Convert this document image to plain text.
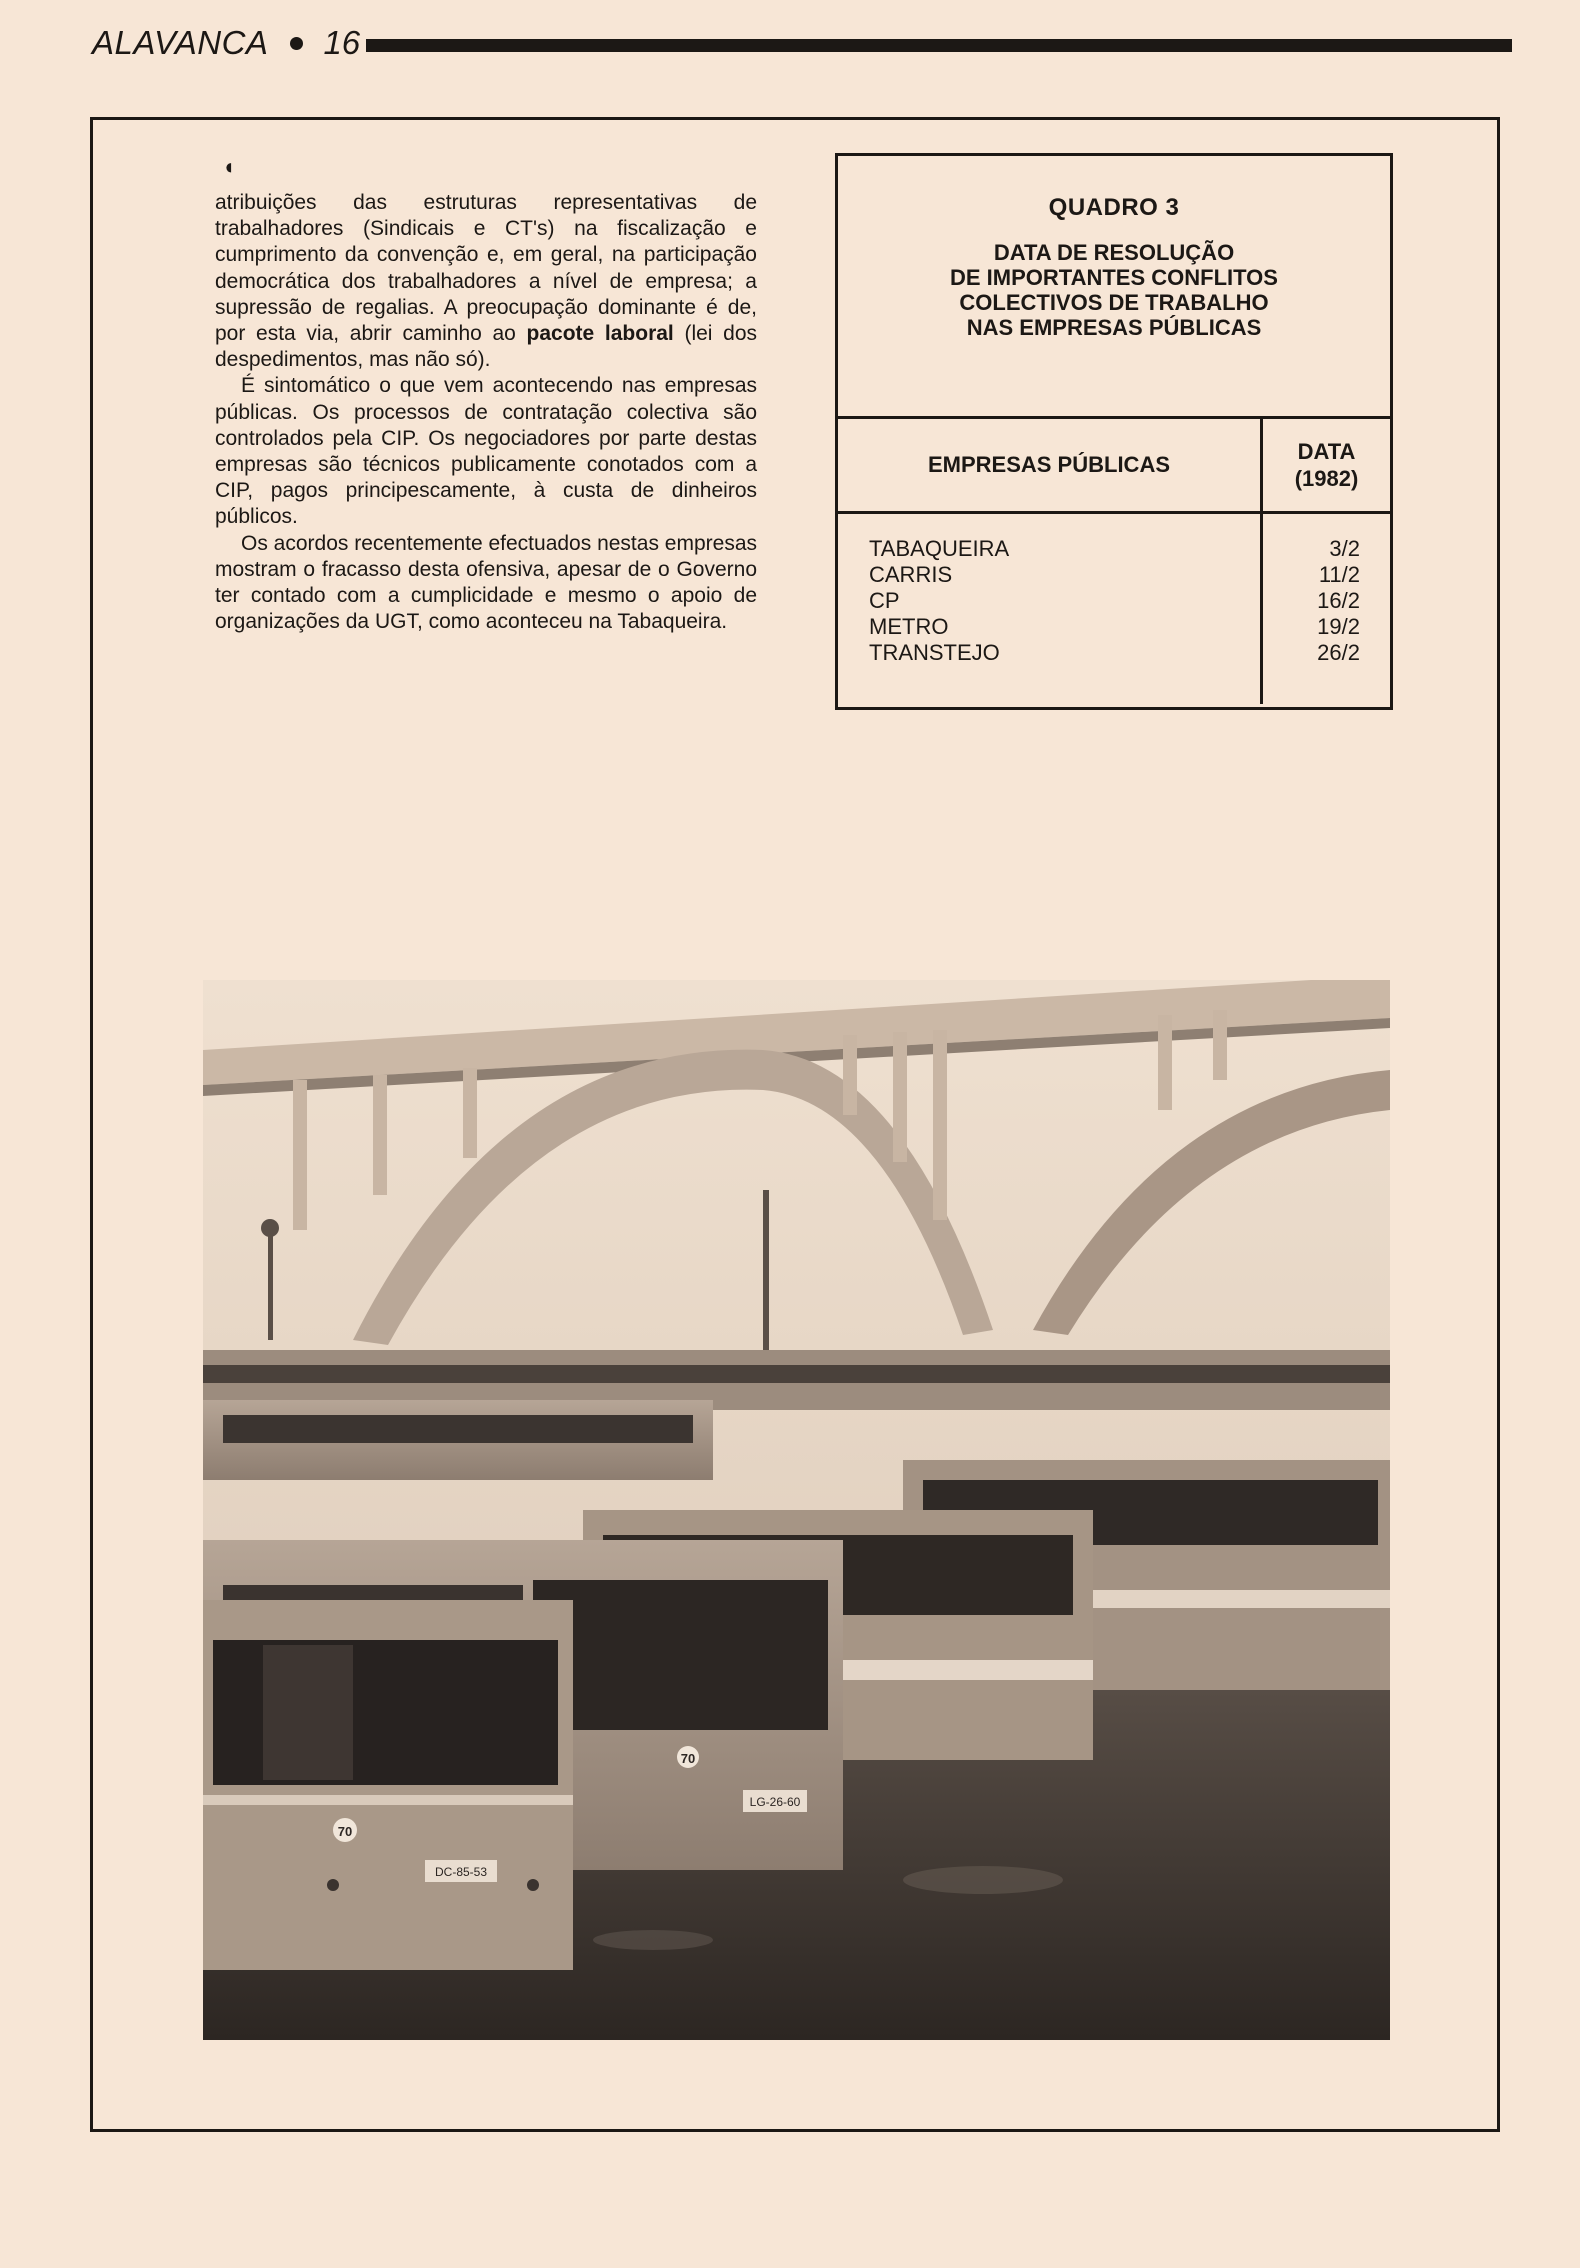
ALAVANCA 16
◖

atribuições das estruturas representativas de trabalhadores (Sindicais e CT's) na fiscalização e cumprimento da convenção e, em geral, na participação democrática dos trabalhadores a nível de empresa; a supressão de regalias. A preocupação dominante é de, por esta via, abrir caminho ao pacote laboral (lei dos despedimentos, mas não só).

É sintomático o que vem acontecendo nas empresas públicas. Os processos de contratação colectiva são controlados pela CIP. Os negociadores por parte destas empresas são técnicos publicamente conotados com a CIP, pagos principescamente, à custa de dinheiros públicos.

Os acordos recentemente efectuados nestas empresas mostram o fracasso desta ofensiva, apesar de o Governo ter contado com a cumplicidade e mesmo o apoio de organizações da UGT, como aconteceu na Tabaqueira.

QUADRO 3
DATA DE RESOLUÇÃO
DE IMPORTANTES CONFLITOS
COLECTIVOS DE TRABALHO
NAS EMPRESAS PÚBLICAS
EMPRESAS PÚBLICAS
DATA
(1982)
TABAQUEIRA
CARRIS
CP
METRO
TRANSTEJO
3/2
11/2
16/2
19/2
26/2
70
LG-26-60
70
DC-85-53
